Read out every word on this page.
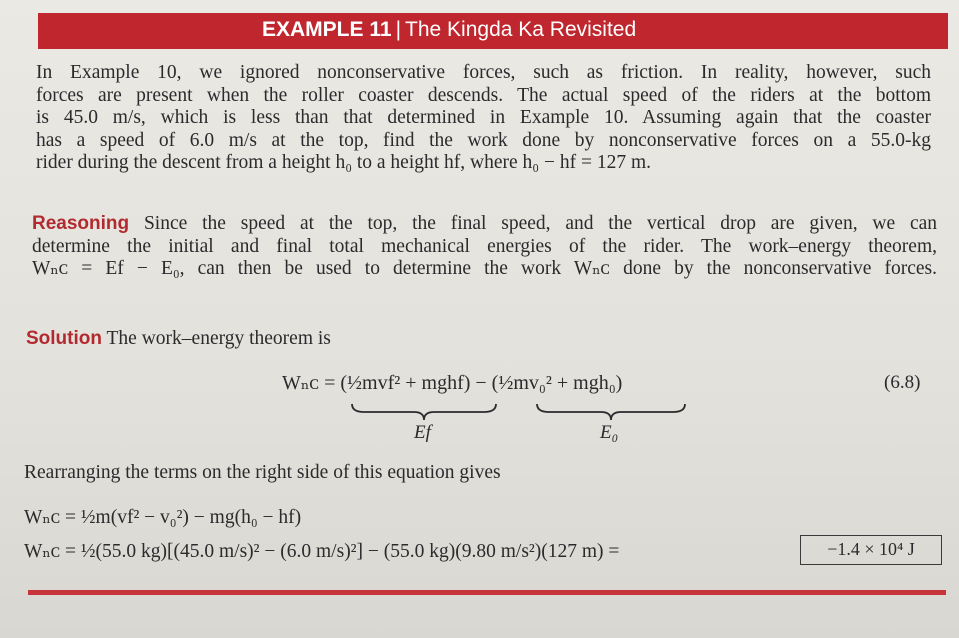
EXAMPLE 11 | The Kingda Ka Revisited

In Example 10, we ignored nonconservative forces, such as friction. In reality, however, such
forces are present when the roller coaster descends. The actual speed of the riders at the bottom
is 45.0 m/s, which is less than that determined in Example 10. Assuming again that the coaster
has a speed of 6.0 m/s at the top, find the work done by nonconservative forces on a 55.0-kg
rider during the descent from a height h₀ to a height hf, where h₀ − hf = 127 m.

Reasoning Since the speed at the top, the final speed, and the vertical drop are given, we can
determine the initial and final total mechanical energies of the rider. The work–energy theorem,
Wₙᴄ = Ef − E₀, can then be used to determine the work Wₙᴄ done by the nonconservative forces.

Solution The work–energy theorem is
Wₙᴄ = (½mvf² + mghf) − (½mv₀² + mgh₀)	(6.8)
Ef	E₀
Rearranging the terms on the right side of this equation gives
Wₙᴄ = ½m(vf² − v₀²) − mg(h₀ − hf)
Wₙᴄ = ½(55.0 kg)[(45.0 m/s)² − (6.0 m/s)²] − (55.0 kg)(9.80 m/s²)(127 m) =	−1.4 × 10⁴ J
